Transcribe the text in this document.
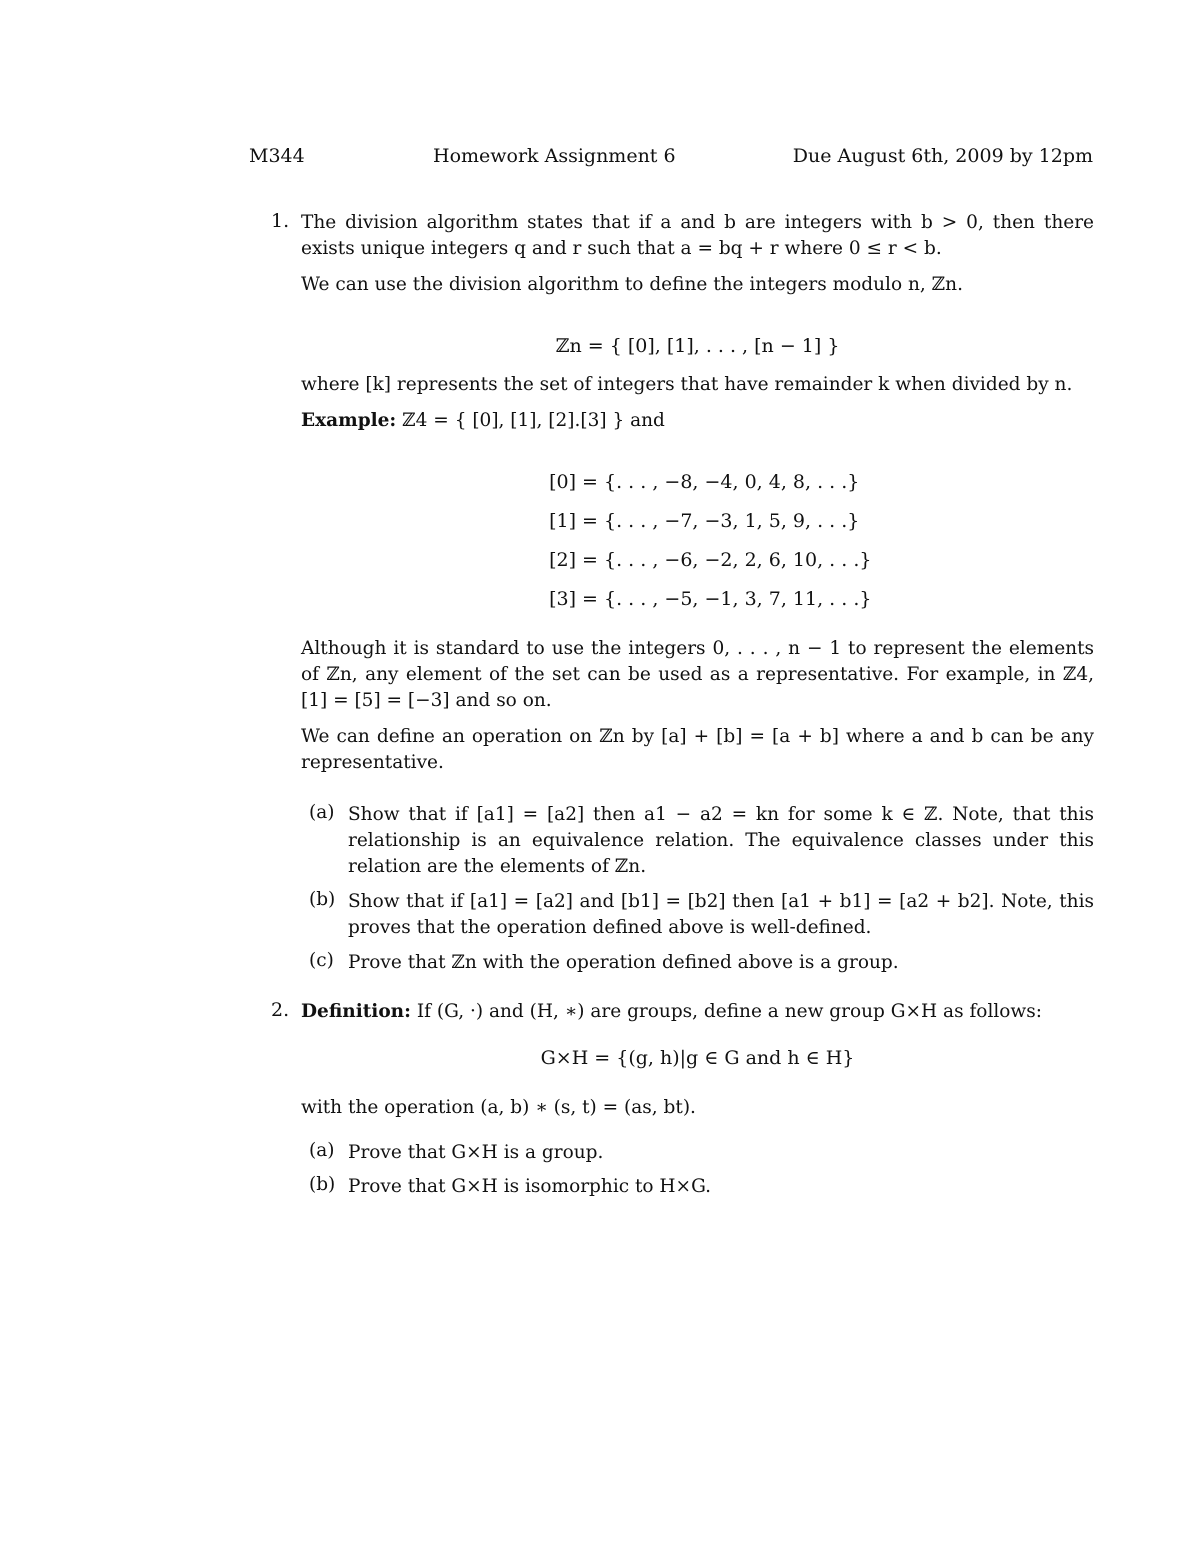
M344	Homework Assignment 6	Due August 6th, 2009 by 12pm
1. The division algorithm states that if a and b are integers with b > 0, then there exists unique integers q and r such that a = bq + r where 0 ≤ r < b.
We can use the division algorithm to define the integers modulo n, ℤn.
ℤn = { [0], [1], . . . , [n − 1] }
where [k] represents the set of integers that have remainder k when divided by n.
Example: ℤ4 = { [0], [1], [2].[3] } and
[0] = {. . . , −8, −4, 0, 4, 8, . . .}
[1] = {. . . , −7, −3, 1, 5, 9, . . .}
[2] = {. . . , −6, −2, 2, 6, 10, . . .}
[3] = {. . . , −5, −1, 3, 7, 11, . . .}
Although it is standard to use the integers 0, . . . , n − 1 to represent the elements of ℤn, any element of the set can be used as a representative. For example, in ℤ4, [1] = [5] = [−3] and so on.
We can define an operation on ℤn by [a] + [b] = [a + b] where a and b can be any representative.
(a) Show that if [a1] = [a2] then a1 − a2 = kn for some k ∈ ℤ. Note, that this relationship is an equivalence relation. The equivalence classes under this relation are the elements of ℤn.
(b) Show that if [a1] = [a2] and [b1] = [b2] then [a1 + b1] = [a2 + b2]. Note, this proves that the operation defined above is well-defined.
(c) Prove that ℤn with the operation defined above is a group.
2. Definition: If (G, ·) and (H, ∗) are groups, define a new group G×H as follows:
G×H = {(g, h)|g ∈ G and h ∈ H}
with the operation (a, b) ∗ (s, t) = (as, bt).
(a) Prove that G×H is a group.
(b) Prove that G×H is isomorphic to H×G.
